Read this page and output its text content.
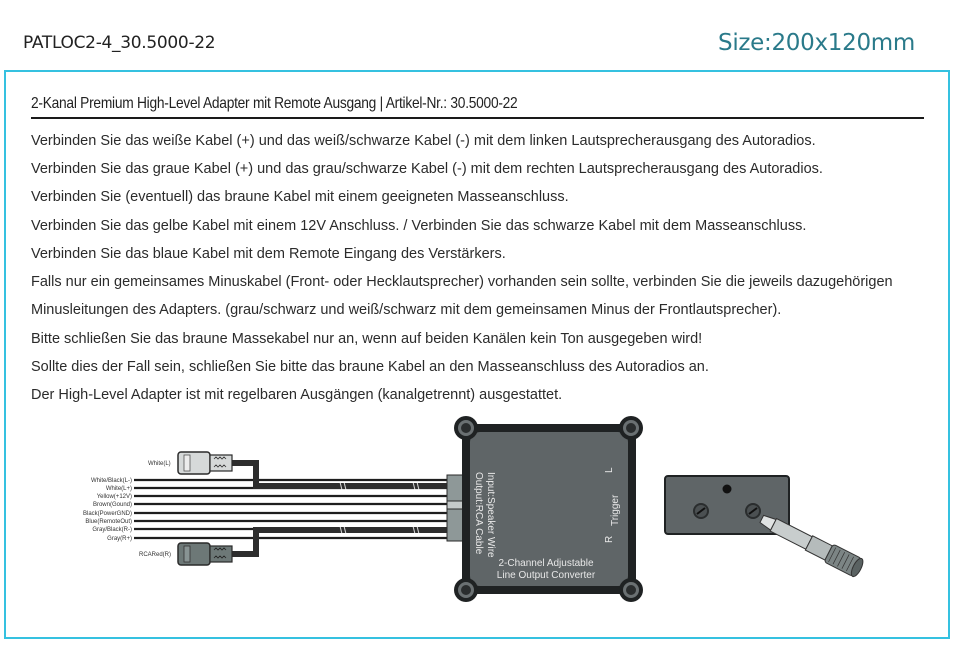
PATLOC2-4_30.5000-22	Size:200x120mm
2-Kanal Premium High-Level Adapter mit Remote Ausgang | Artikel-Nr.: 30.5000-22
Verbinden Sie das weiße Kabel (+) und das weiß/schwarze Kabel (-) mit dem linken Lautsprecherausgang des Autoradios.
Verbinden Sie das graue Kabel (+) und das grau/schwarze Kabel (-) mit dem rechten Lautsprecherausgang des Autoradios.
Verbinden Sie (eventuell) das braune Kabel mit einem geeigneten Masseanschluss.
Verbinden Sie das gelbe Kabel mit einem 12V Anschluss. / Verbinden Sie das schwarze Kabel mit dem Masseanschluss.
Verbinden Sie das blaue Kabel mit dem Remote Eingang des Verstärkers.
Falls nur ein gemeinsames Minuskabel (Front- oder Hecklautsprecher) vorhanden sein sollte, verbinden Sie die jeweils dazugehörigen
Minusleitungen des Adapters. (grau/schwarz und weiß/schwarz mit dem gemeinsamen Minus der Frontlautsprecher).
Bitte schließen Sie das braune Massekabel nur an, wenn auf beiden Kanälen kein Ton ausgegeben wird!
Sollte dies der Fall sein, schließen Sie bitte das braune Kabel an den Masseanschluss des Autoradios an.
Der High-Level Adapter ist mit regelbaren Ausgängen (kanalgetrennt) ausgestattet.
White(L)
RCARed(R)
White/Black(L-)
White(L+)
Yellow(+12V)
Brown(Gound)
Black(PowerGND)
Blue(RemoteOut)
Gray/Black(R-)
Gray(R+)	Input:Speaker Wire
Output:RCA Cable
2-Channel Adjustable
Line Output Converter
L
Trigger
R
